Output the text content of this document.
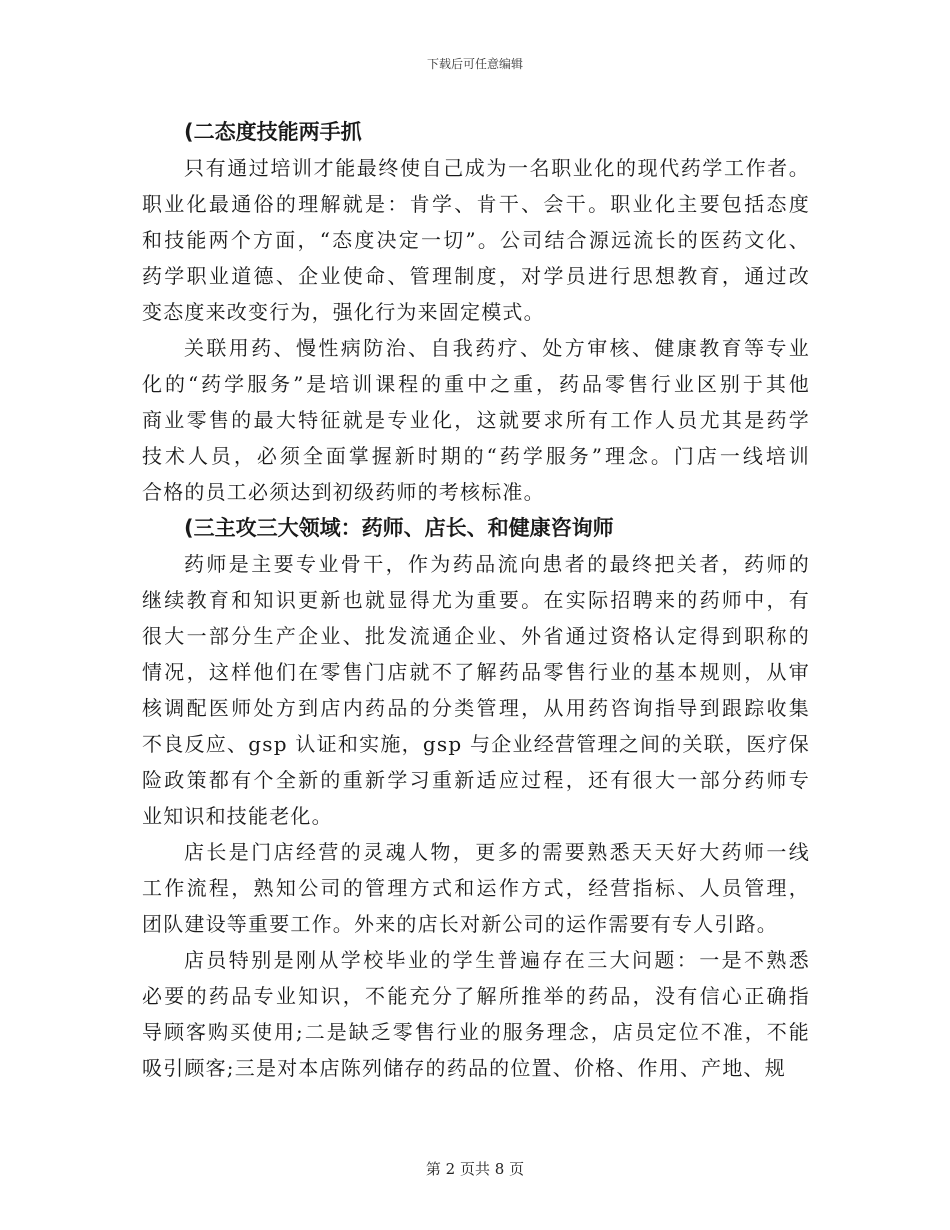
下载后可任意编辑
(二态度技能两手抓
只有通过培训才能最终使自己成为一名职业化的现代药学工作者。
职业化最通俗的理解就是：肯学、肯干、会干。职业化主要包括态度
和技能两个方面，“态度决定一切”。公司结合源远流长的医药文化、
药学职业道德、企业使命、管理制度，对学员进行思想教育，通过改
变态度来改变行为，强化行为来固定模式。
关联用药、慢性病防治、自我药疗、处方审核、健康教育等专业
化的“药学服务”是培训课程的重中之重，药品零售行业区别于其他
商业零售的最大特征就是专业化，这就要求所有工作人员尤其是药学
技术人员，必须全面掌握新时期的“药学服务”理念。门店一线培训
合格的员工必须达到初级药师的考核标准。
(三主攻三大领域：药师、店长、和健康咨询师
药师是主要专业骨干，作为药品流向患者的最终把关者，药师的
继续教育和知识更新也就显得尤为重要。在实际招聘来的药师中，有
很大一部分生产企业、批发流通企业、外省通过资格认定得到职称的
情况，这样他们在零售门店就不了解药品零售行业的基本规则，从审
核调配医师处方到店内药品的分类管理，从用药咨询指导到跟踪收集
不良反应、gsp 认证和实施，gsp 与企业经营管理之间的关联，医疗保
险政策都有个全新的重新学习重新适应过程，还有很大一部分药师专
业知识和技能老化。
店长是门店经营的灵魂人物，更多的需要熟悉天天好大药师一线
工作流程，熟知公司的管理方式和运作方式，经营指标、人员管理，
团队建设等重要工作。外来的店长对新公司的运作需要有专人引路。
店员特别是刚从学校毕业的学生普遍存在三大问题：一是不熟悉
必要的药品专业知识，不能充分了解所推举的药品，没有信心正确指
导顾客购买使用;二是缺乏零售行业的服务理念，店员定位不准，不能
吸引顾客;三是对本店陈列储存的药品的位置、价格、作用、产地、规
第 2 页共 8 页
